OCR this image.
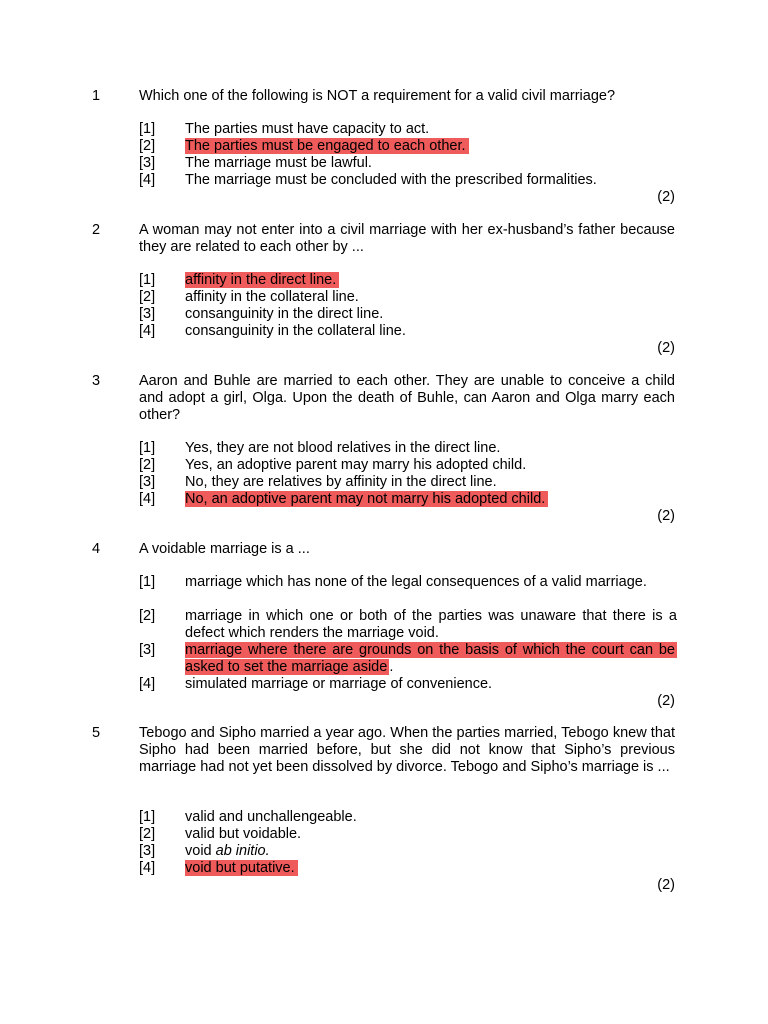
1	Which one of the following is NOT a requirement for a valid civil marriage?
[1] The parties must have capacity to act.
[2] The parties must be engaged to each other.
[3] The marriage must be lawful.
[4] The marriage must be concluded with the prescribed formalities.
(2)
2	A woman may not enter into a civil marriage with her ex-husband’s father because they are related to each other by ...
[1] affinity in the direct line.
[2] affinity in the collateral line.
[3] consanguinity in the direct line.
[4] consanguinity in the collateral line.
(2)
3	Aaron and Buhle are married to each other. They are unable to conceive a child and adopt a girl, Olga. Upon the death of Buhle, can Aaron and Olga marry each other?
[1] Yes, they are not blood relatives in the direct line.
[2] Yes, an adoptive parent may marry his adopted child.
[3] No, they are relatives by affinity in the direct line.
[4] No, an adoptive parent may not marry his adopted child.
(2)
4	A voidable marriage is a ...
[1] marriage which has none of the legal consequences of a valid marriage.
[2] marriage in which one or both of the parties was unaware that there is a defect which renders the marriage void.
[3] marriage where there are grounds on the basis of which the court can be asked to set the marriage aside .
[4] simulated marriage or marriage of convenience.
(2)
5	Tebogo and Sipho married a year ago. When the parties married, Tebogo knew that Sipho had been married before, but she did not know that Sipho’s previous marriage had not yet been dissolved by divorce. Tebogo and Sipho’s marriage is ...
[1] valid and unchallengeable.
[2] valid but voidable.
[3] void ab initio.
[4] void but putative.
(2)
